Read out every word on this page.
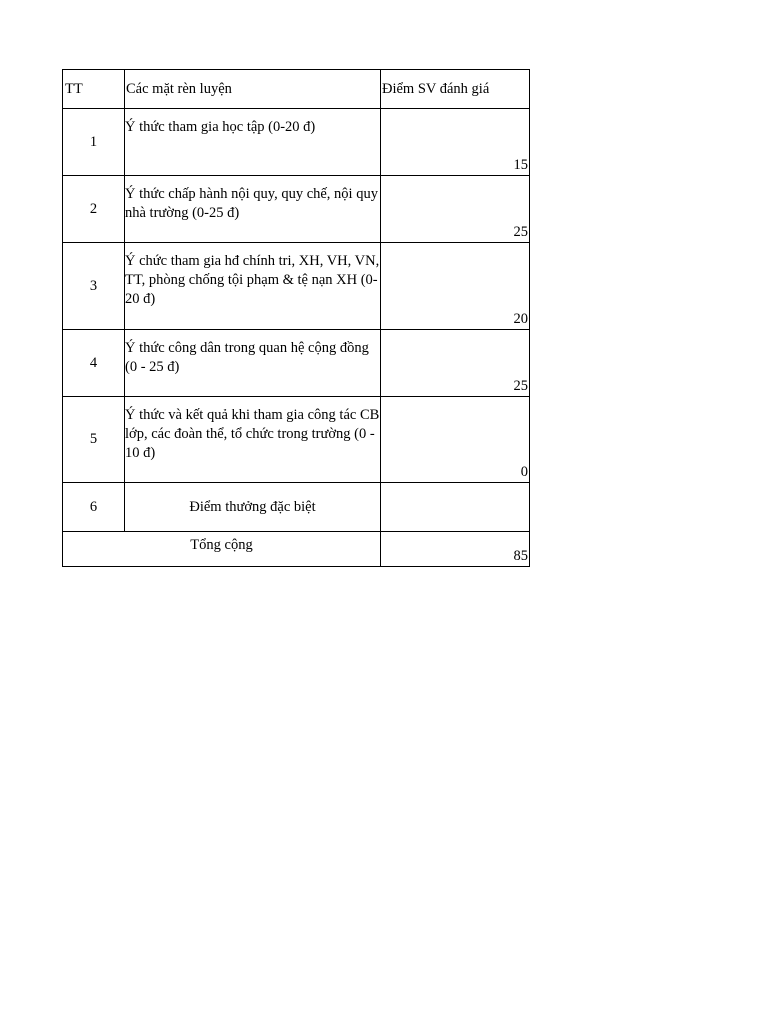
TT	Các mặt rèn luyện	Điểm SV đánh giá
1	Ý thức tham gia học tập (0-20 đ)	15
2	Ý thức chấp hành nội quy, quy chế, nội quy nhà trường (0-25 đ)	25
3	Ý chức tham gia hđ chính tri, XH, VH, VN, TT, phòng chống tội phạm & tệ nạn XH (0-20 đ)	20
4	Ý thức công dân trong quan hệ cộng đồng (0 - 25 đ)	25
5	Ý thức và kết quả khi tham gia công tác CB lớp, các đoàn thể, tổ chức trong trường (0 - 10 đ)	0
6	Điểm thưởng đặc biệt	
Tổng cộng		85
